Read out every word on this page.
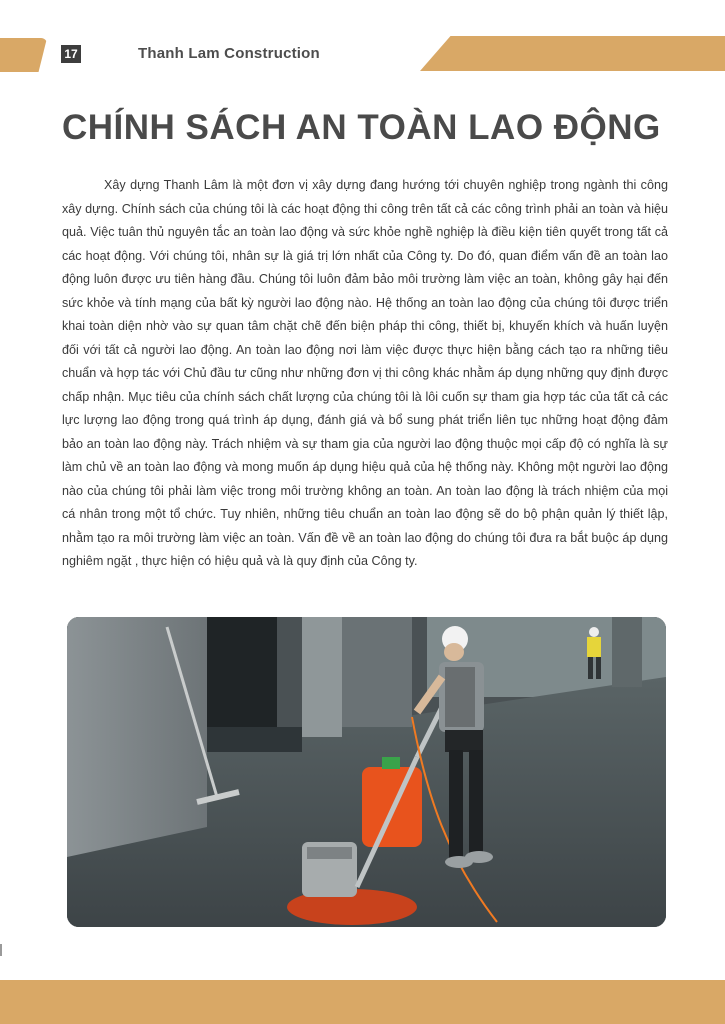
17	Thanh Lam Construction
CHÍNH SÁCH AN TOÀN LAO ĐỘNG

Xây dựng Thanh Lâm là một đơn vị xây dựng đang hướng tới chuyên nghiệp trong ngành thi công xây dựng. Chính sách của chúng tôi là các hoạt động thi công trên tất cả các công trình phải an toàn và hiệu quả. Việc tuân thủ nguyên tắc an toàn lao động và sức khỏe nghề nghiệp là điều kiện tiên quyết trong tất cả các hoạt động. Với chúng tôi, nhân sự là giá trị lớn nhất của Công ty. Do đó, quan điểm vấn đề an toàn lao động luôn được ưu tiên hàng đầu. Chúng tôi luôn đảm bảo môi trường làm việc an toàn, không gây hại đến sức khỏe và tính mạng của bất kỳ người lao động nào. Hệ thống an toàn lao động của chúng tôi được triển khai toàn diện nhờ vào sự quan tâm chặt chẽ đến biện pháp thi công, thiết bị, khuyến khích và huấn luyện đối với tất cả người lao động. An toàn lao động nơi làm việc được thực hiện bằng cách tạo ra những tiêu chuẩn và hợp tác với Chủ đầu tư cũng như những đơn vị thi công khác nhằm áp dụng những quy định được chấp nhận. Mục tiêu của chính sách chất lượng của chúng tôi là lôi cuốn sự tham gia hợp tác của tất cả các lực lượng lao động trong quá trình áp dụng, đánh giá và bổ sung phát triển liên tục những hoạt động đảm bảo an toàn lao động này. Trách nhiệm và sự tham gia của người lao động thuộc mọi cấp độ có nghĩa là sự làm chủ về an toàn lao động và mong muốn áp dụng hiệu quả của hệ thống này. Không một người lao động nào của chúng tôi phải làm việc trong môi trường không an toàn. An toàn lao động là trách nhiệm của mọi cá nhân trong một tổ chức. Tuy nhiên, những tiêu chuẩn an toàn lao động sẽ do bộ phận quản lý thiết lập, nhằm tạo ra môi trường làm việc an toàn. Vấn đề về an toàn lao động do chúng tôi đưa ra bắt buộc áp dụng nghiêm ngặt , thực hiện có hiệu quả và là quy định của Công ty.
